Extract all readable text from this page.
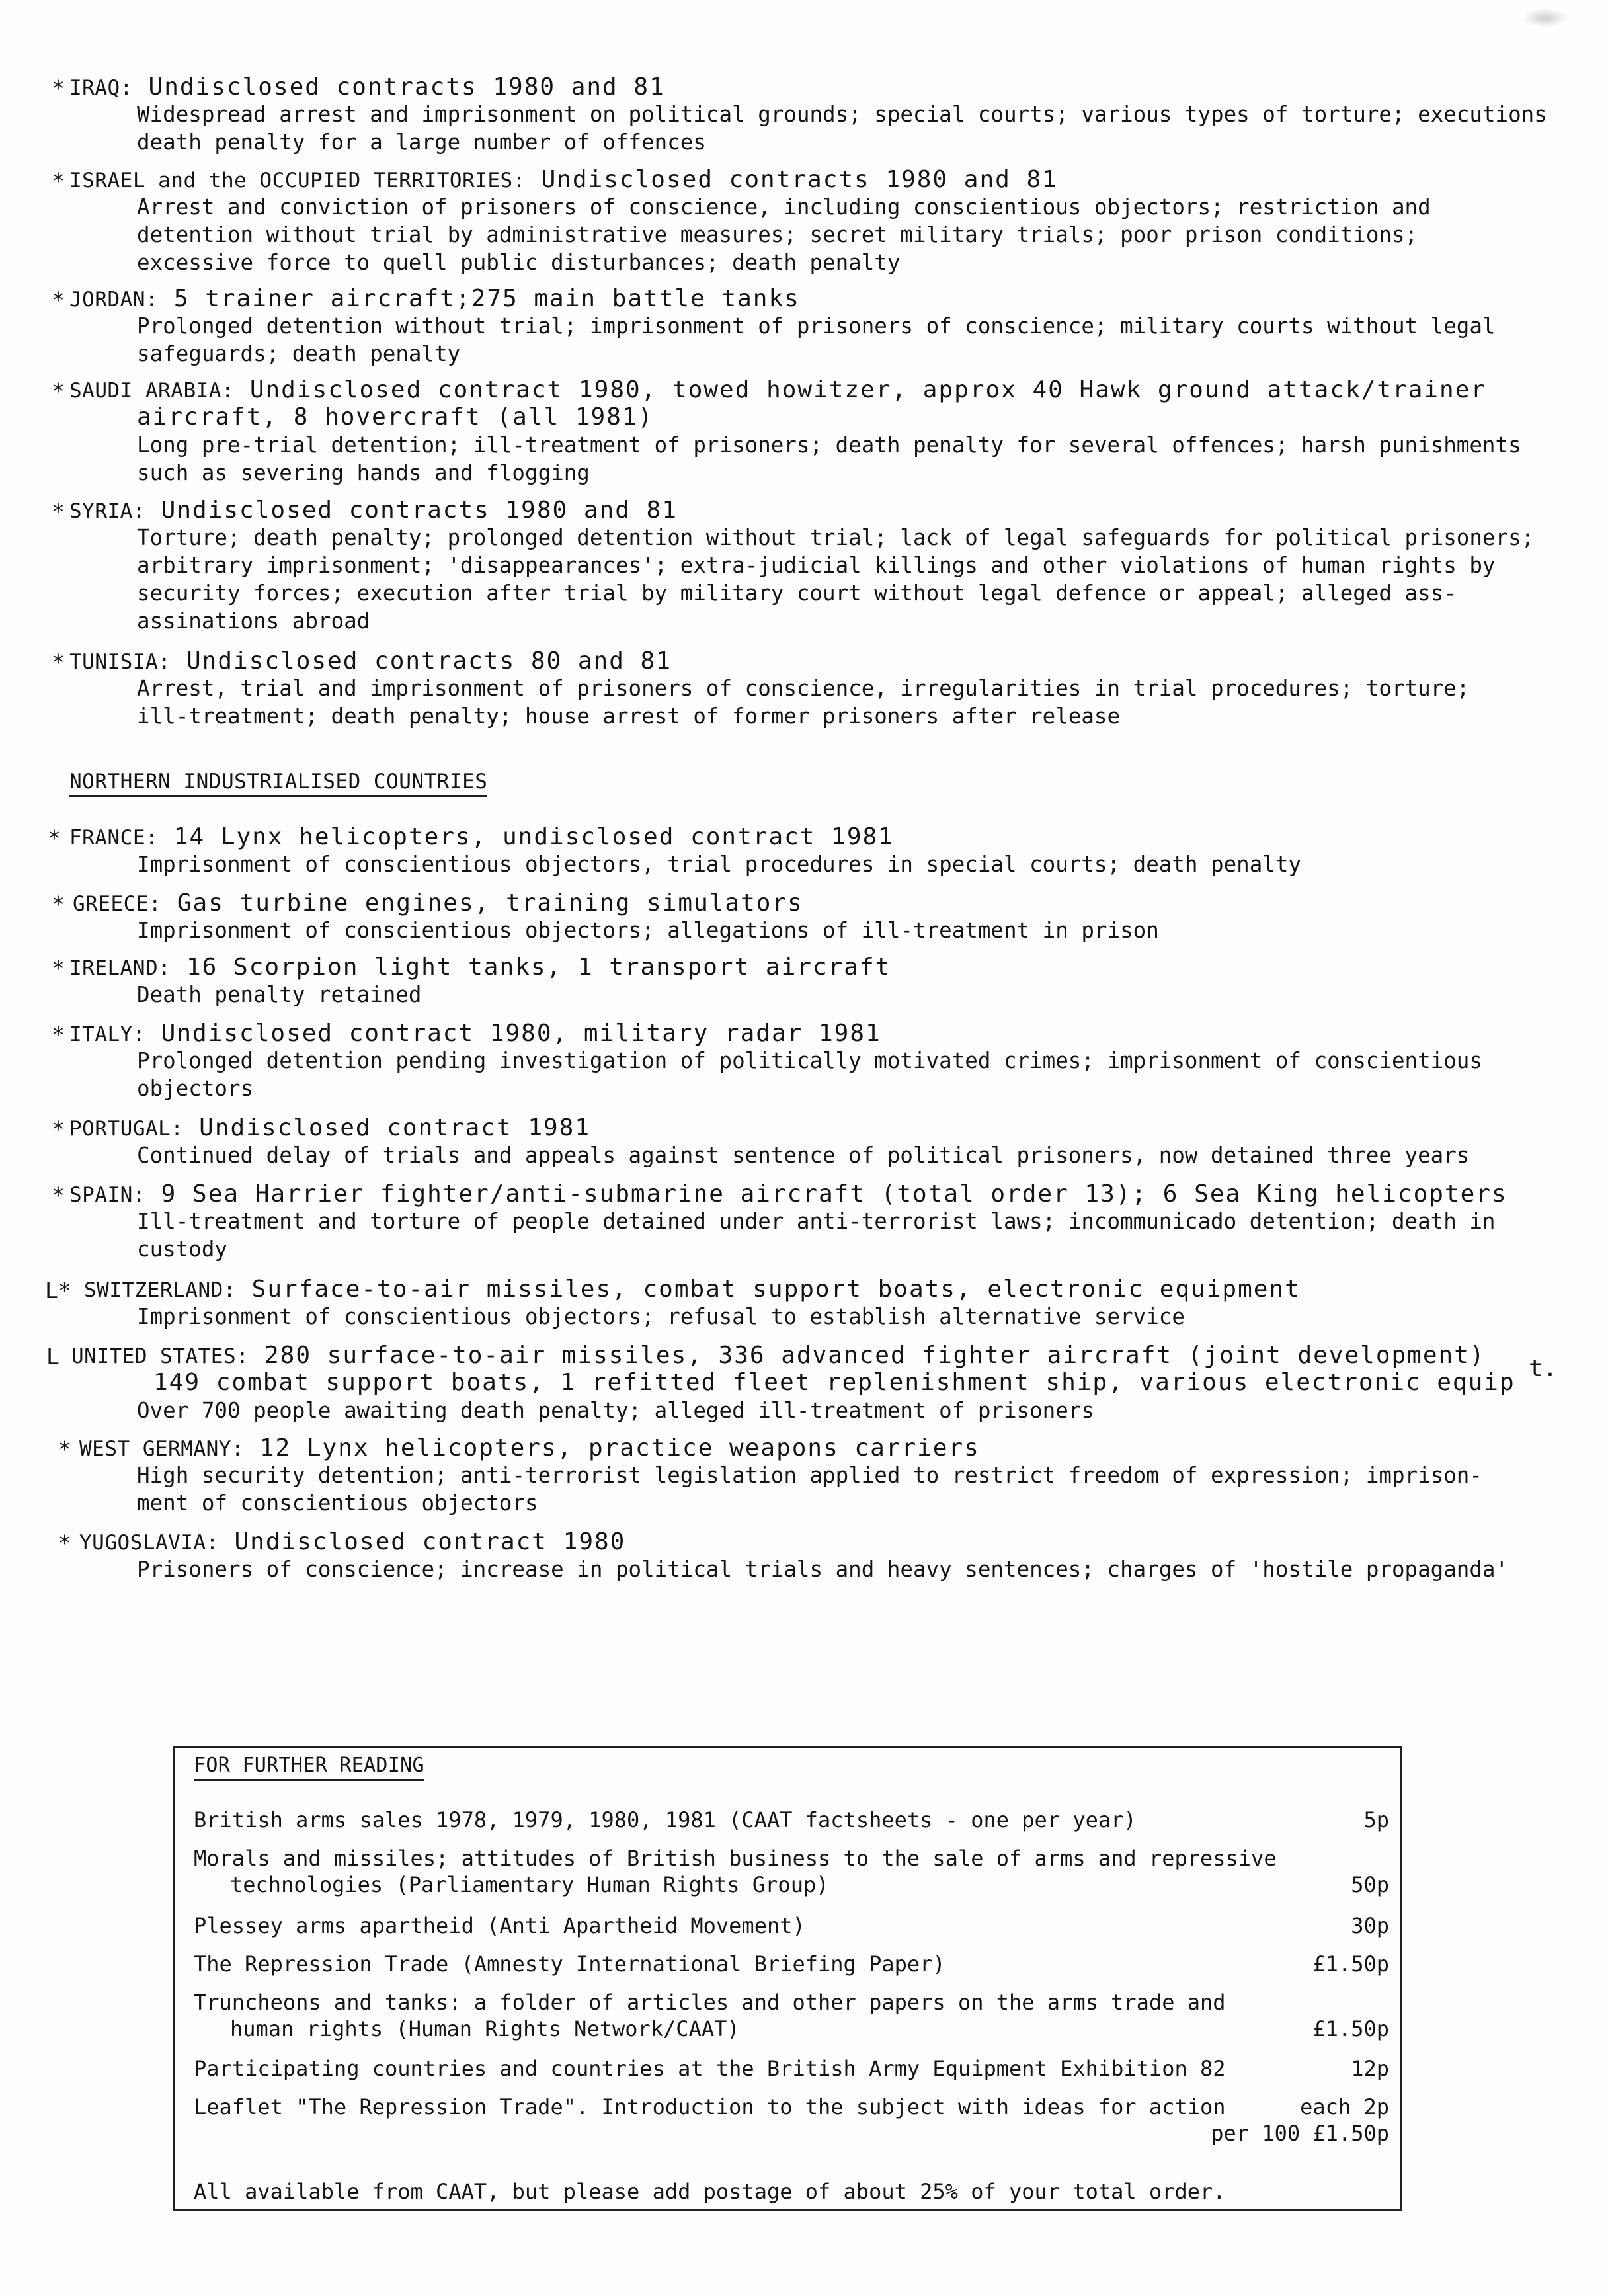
* IRAQ: Undisclosed contracts 1980 and 81
Widespread arrest and imprisonment on political grounds; special courts; various types of torture; executions
death penalty for a large number of offences
* ISRAEL and the OCCUPIED TERRITORIES: Undisclosed contracts 1980 and 81
Arrest and conviction of prisoners of conscience, including conscientious objectors; restriction and
detention without trial by administrative measures; secret military trials; poor prison conditions;
excessive force to quell public disturbances; death penalty
* JORDAN: 5 trainer aircraft;275 main battle tanks
Prolonged detention without trial; imprisonment of prisoners of conscience; military courts without legal
safeguards; death penalty
* SAUDI ARABIA: Undisclosed contract 1980, towed howitzer, approx 40 Hawk ground attack/trainer
aircraft, 8 hovercraft (all 1981)
Long pre-trial detention; ill-treatment of prisoners; death penalty for several offences; harsh punishments
such as severing hands and flogging
* SYRIA: Undisclosed contracts 1980 and 81
Torture; death penalty; prolonged detention without trial; lack of legal safeguards for political prisoners;
arbitrary imprisonment; 'disappearances'; extra-judicial killings and other violations of human rights by
security forces; execution after trial by military court without legal defence or appeal; alleged ass-
assinations abroad
* TUNISIA: Undisclosed contracts 80 and 81
Arrest, trial and imprisonment of prisoners of conscience, irregularities in trial procedures; torture;
ill-treatment; death penalty; house arrest of former prisoners after release
* FRANCE: 14 Lynx helicopters, undisclosed contract 1981
Imprisonment of conscientious objectors, trial procedures in special courts; death penalty
* GREECE: Gas turbine engines, training simulators
Imprisonment of conscientious objectors; allegations of ill-treatment in prison
* IRELAND: 16 Scorpion light tanks, 1 transport aircraft
Death penalty retained
* ITALY: Undisclosed contract 1980, military radar 1981
Prolonged detention pending investigation of politically motivated crimes; imprisonment of conscientious
objectors
* PORTUGAL: Undisclosed contract 1981
Continued delay of trials and appeals against sentence of political prisoners, now detained three years
* SPAIN: 9 Sea Harrier fighter/anti-submarine aircraft (total order 13); 6 Sea King helicopters
Ill-treatment and torture of people detained under anti-terrorist laws; incommunicado detention; death in
custody
L* SWITZERLAND: Surface-to-air missiles, combat support boats, electronic equipment
Imprisonment of conscientious objectors; refusal to establish alternative service
L UNITED STATES: 280 surface-to-air missiles, 336 advanced fighter aircraft (joint development)
149 combat support boats, 1 refitted fleet replenishment ship, various electronic equip
Over 700 people awaiting death penalty; alleged ill-treatment of prisoners
* WEST GERMANY: 12 Lynx helicopters, practice weapons carriers
High security detention; anti-terrorist legislation applied to restrict freedom of expression; imprison-
ment of conscientious objectors
* YUGOSLAVIA: Undisclosed contract 1980
Prisoners of conscience; increase in political trials and heavy sentences; charges of 'hostile propaganda'
NORTHERN INDUSTRIALISED COUNTRIES
t.
FOR FURTHER READING
British arms sales 1978, 1979, 1980, 1981 (CAAT factsheets - one per year)	5p
Morals and missiles; attitudes of British business to the sale of arms and repressive
technologies (Parliamentary Human Rights Group)	50p
Plessey arms apartheid (Anti Apartheid Movement)	30p
The Repression Trade (Amnesty International Briefing Paper)	£1.50p
Truncheons and tanks: a folder of articles and other papers on the arms trade and
human rights (Human Rights Network/CAAT)	£1.50p
Participating countries and countries at the British Army Equipment Exhibition 82	12p
Leaflet "The Repression Trade". Introduction to the subject with ideas for action	each 2p
per 100 £1.50p
All available from CAAT, but please add postage of about 25% of your total order.
